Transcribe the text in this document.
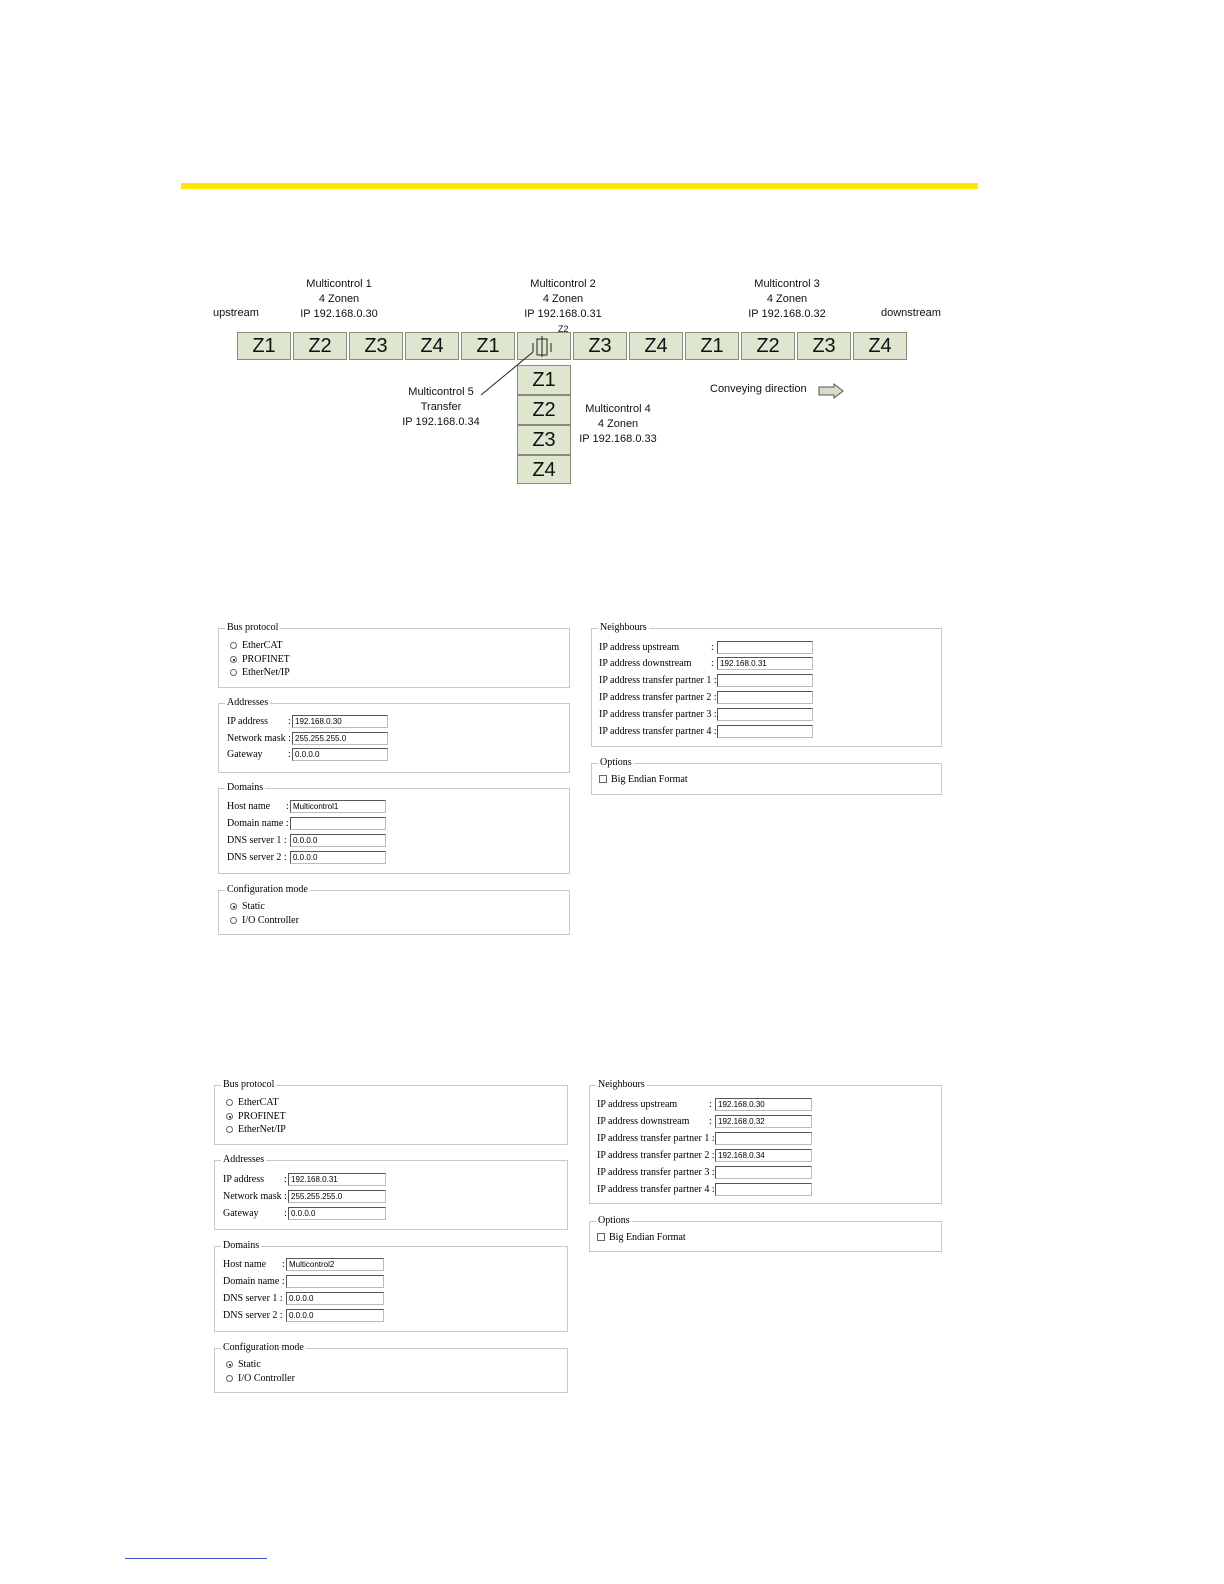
upstream	downstream
Multicontrol 1
4 Zonen
IP 192.168.0.30
Multicontrol 2
4 Zonen
IP 192.168.0.31
Multicontrol 3
4 Zonen
IP 192.168.0.32
Multicontrol 5
Transfer
IP 192.168.0.34
Multicontrol 4
4 Zonen
IP 192.168.0.33
Conveying direction
Z1	Z2	Z3	Z4	Z1
Z2
Z3	Z4	Z1	Z2	Z3	Z4
Z1
Z2
Z3
Z4
Bus protocol
EtherCAT
PROFINET
EtherNet/IP
Addresses
IP address : 192.168.0.30
Network mask : 255.255.255.0
Gateway	: 0.0.0.0
Domains
Host name : Multicontrol1
Domain name :
DNS server 1 : 0.0.0.0
DNS server 2 : 0.0.0.0
Configuration mode
Static
I/O Controller
Neighbours
IP address upstream	:
IP address downstream : 192.168.0.31
IP address transfer partner 1 :
IP address transfer partner 2 :
IP address transfer partner 3 :
IP address transfer partner 4 :
Options
Big Endian Format
Bus protocol
EtherCAT
PROFINET
EtherNet/IP
Addresses
IP address : 192.168.0.31
Network mask : 255.255.255.0
Gateway	: 0.0.0.0
Domains
Host name : Multicontrol2
Domain name :
DNS server 1 : 0.0.0.0
DNS server 2 : 0.0.0.0
Configuration mode
Static
I/O Controller
Neighbours
IP address upstream	: 192.168.0.30
IP address downstream : 192.168.0.32
IP address transfer partner 1 :
IP address transfer partner 2 : 192.168.0.34
IP address transfer partner 3 :
IP address transfer partner 4 :
Options
Big Endian Format
